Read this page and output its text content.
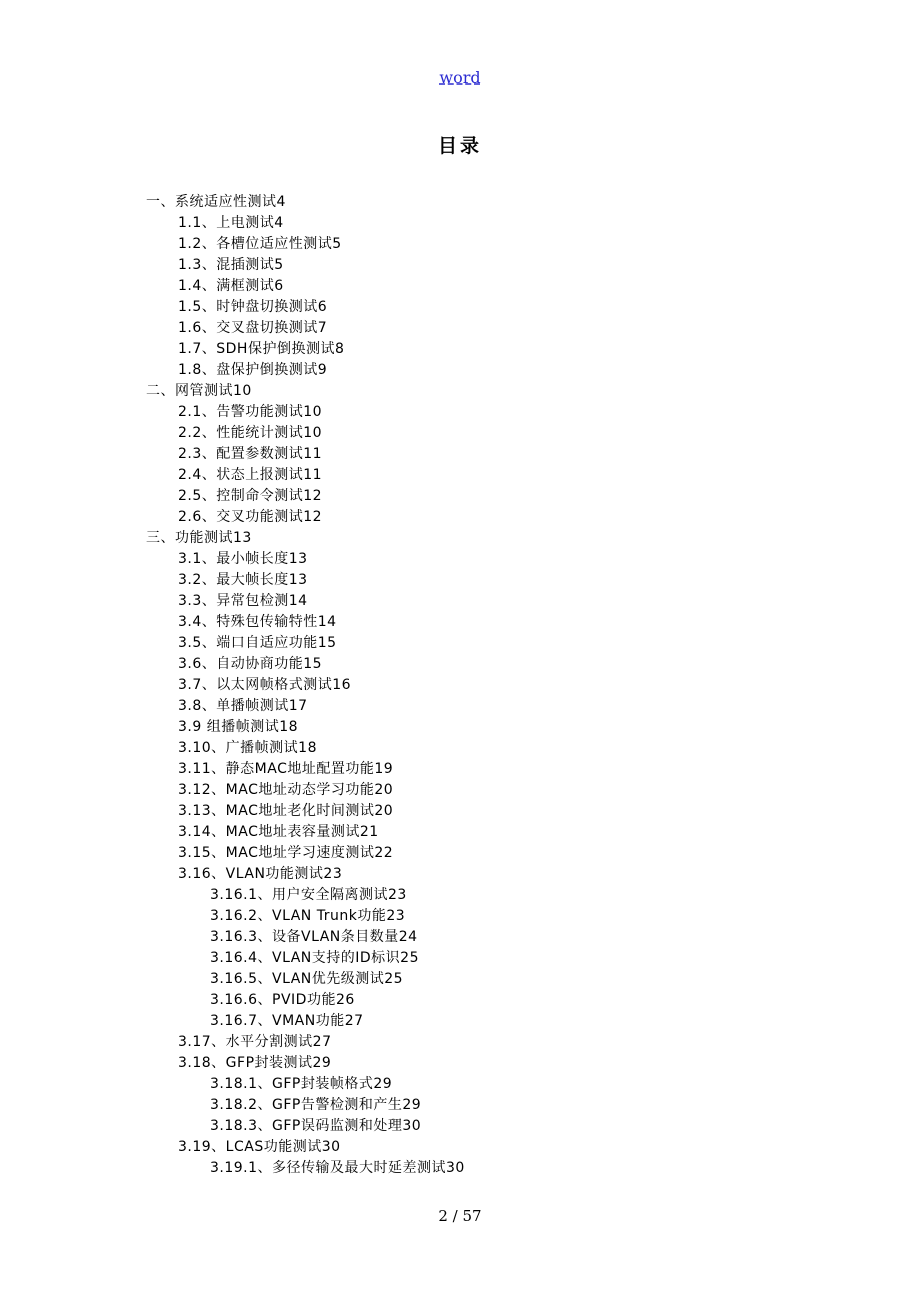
word
目录
一、系统适应性测试4
1.1、上电测试4
1.2、各槽位适应性测试5
1.3、混插测试5
1.4、满框测试6
1.5、时钟盘切换测试6
1.6、交叉盘切换测试7
1.7、SDH保护倒换测试8
1.8、盘保护倒换测试9
二、网管测试10
2.1、告警功能测试10
2.2、性能统计测试10
2.3、配置参数测试11
2.4、状态上报测试11
2.5、控制命令测试12
2.6、交叉功能测试12
三、功能测试13
3.1、最小帧长度13
3.2、最大帧长度13
3.3、异常包检测14
3.4、特殊包传输特性14
3.5、端口自适应功能15
3.6、自动协商功能15
3.7、以太网帧格式测试16
3.8、单播帧测试17
3.9 组播帧测试18
3.10、广播帧测试18
3.11、静态MAC地址配置功能19
3.12、MAC地址动态学习功能20
3.13、MAC地址老化时间测试20
3.14、MAC地址表容量测试21
3.15、MAC地址学习速度测试22
3.16、VLAN功能测试23
3.16.1、用户安全隔离测试23
3.16.2、VLAN Trunk功能23
3.16.3、设备VLAN条目数量24
3.16.4、VLAN支持的ID标识25
3.16.5、VLAN优先级测试25
3.16.6、PVID功能26
3.16.7、VMAN功能27
3.17、水平分割测试27
3.18、GFP封装测试29
3.18.1、GFP封装帧格式29
3.18.2、GFP告警检测和产生29
3.18.3、GFP误码监测和处理30
3.19、LCAS功能测试30
3.19.1、多径传输及最大时延差测试30
2 / 57
